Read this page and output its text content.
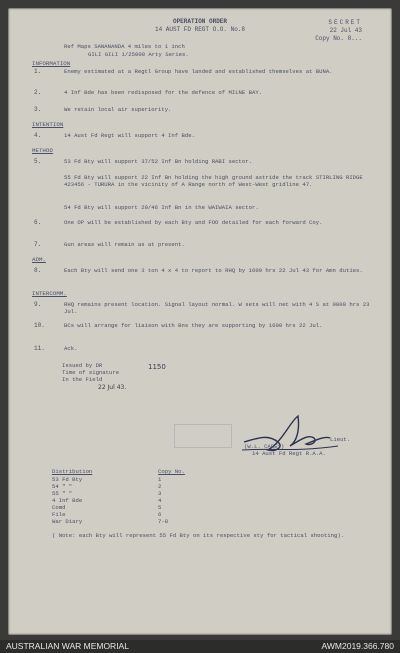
OPERATION ORDER
14 AUST FD REGT O.O. No.8
SECRET
22 Jul 43
Copy No. 8...
Ref Maps SANANANDA 4 miles to 1 inch
GILI GILI 1/25000 Arty Series.
INFORMATION
1.	Enemy estimated at a Regtl Group have landed and established themselves at BUNA.
2.	4 Inf Bde has been redisposed for the defence of MILNE BAY.
3.	We retain local air superiority.
INTENTION
4.	14 Aust Fd Regt will support 4 Inf Bde.
METHOD
5.	53 Fd Bty will support 37/52 Inf Bn holding RABI sector.
55 Fd Bty will support 22 Inf Bn holding the high ground astride the track STIRLING RIDGE 423456 - TURURA in the vicinity of A Range north of West-West gridline 47.
54 Fd Bty will support 29/46 Inf Bn in the WAIWAIA sector.
6.	One OP will be established by each Bty and FOO detailed for each forward Coy.
7.	Gun areas will remain as at present.
ADM.
8.	Each Bty will send one 3 ton 4 x 4 to report to RHQ by 1600 hrs 22 Jul 43 for Amn duties.
INTERCOMM.
9.	RHQ remains present location. Signal layout normal. W sets will net with 4 S at 0800 hrs 23 Jul.
10.	BCs will arrange for liaison with Bns they are supporting by 1600 hrs 22 Jul.
11.	Ack.
Issued by DR
Time of signature
1150
In the Field
22 Jul 43.
Lieut.
(W.L. CAREY)
14 Aust Fd Regt R.A.A.
Distribution	Copy No.
53 Fd Bty	1
54 " "	2
55 " "	3
4 Inf Bde	4
Comd	5
File	6
War Diary	7-8
( Note: each Bty will represent 55 Fd Bty on its respective sty for tactical shooting).
AUSTRALIAN WAR MEMORIAL	AWM2019.366.780
